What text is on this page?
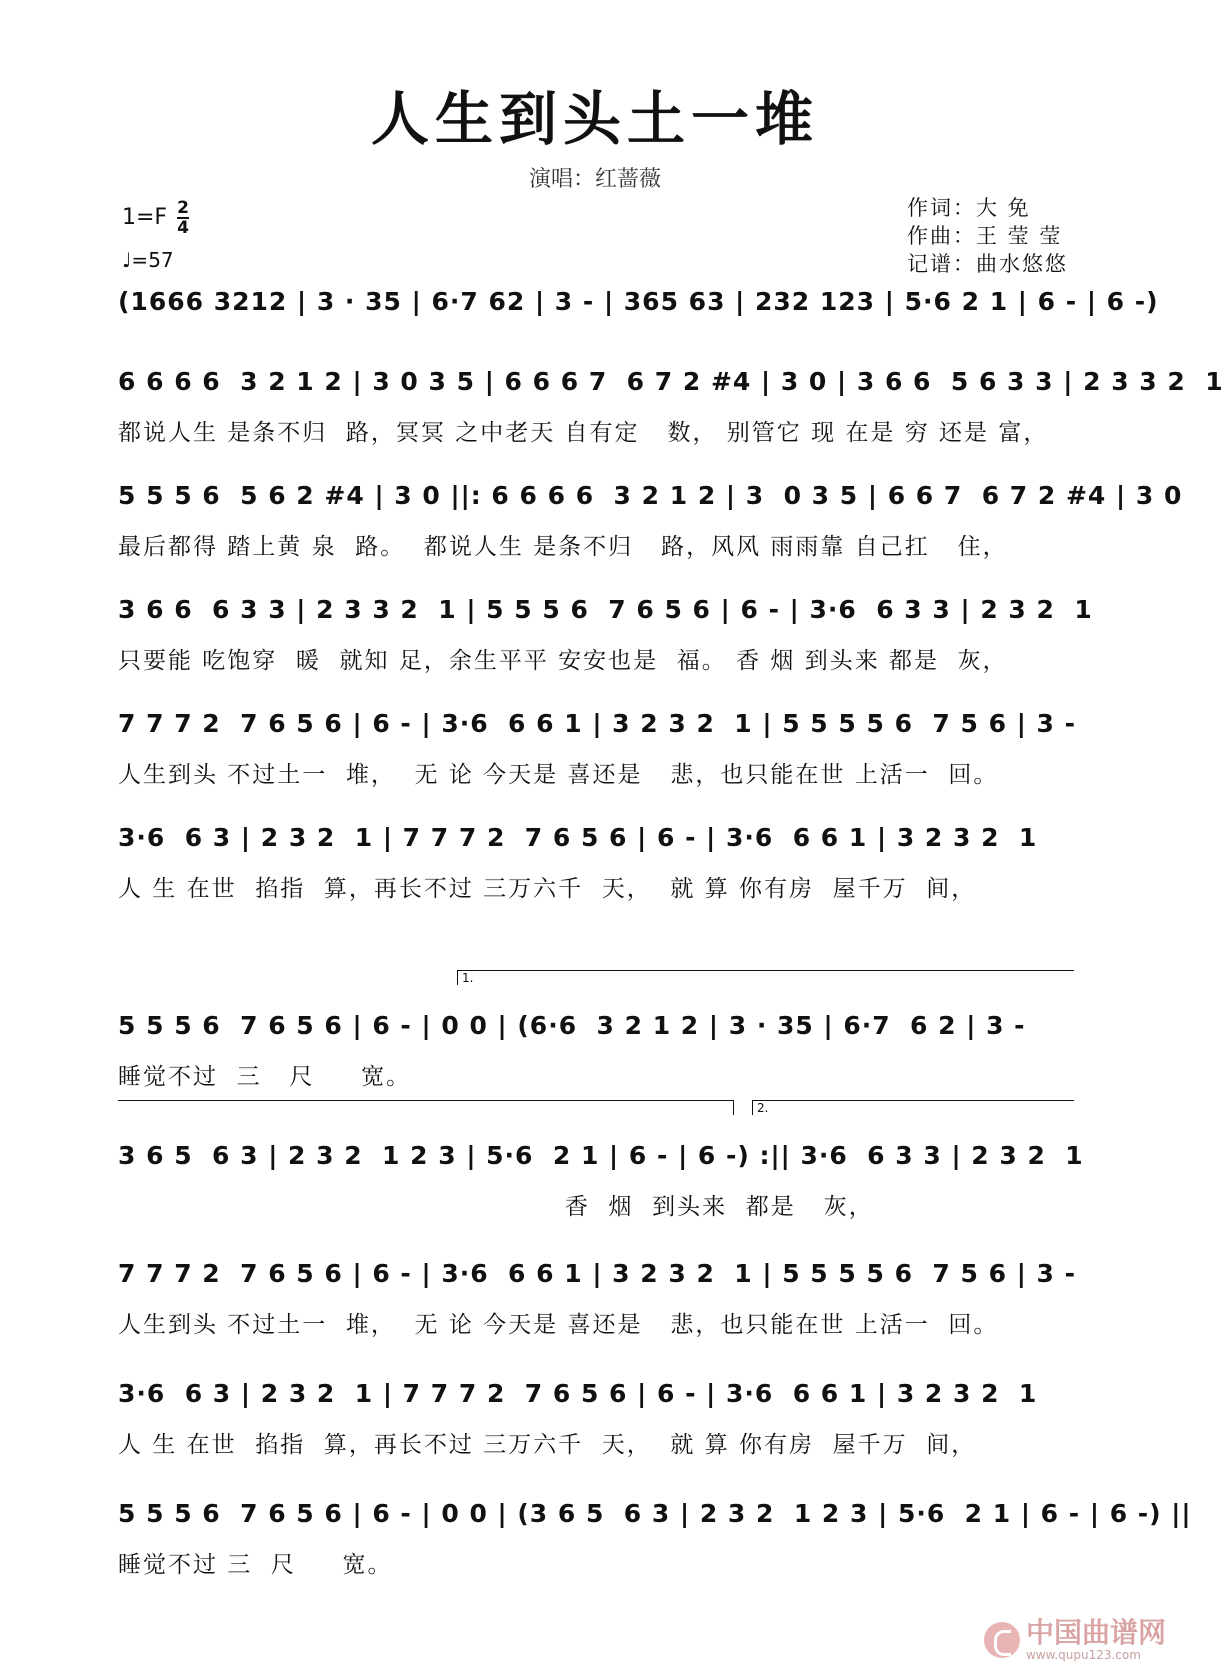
人生到头土一堆
演唱：红蔷薇
1=F 2
4
♩=57
作词：大 免
作曲：王 莹 莹
记谱：曲水悠悠
(1666 3212 | 3 · 35 | 6·7 62 | 3 - | 365 63 | 232 123 | 5·6 2 1 | 6 - | 6 -)
6 6 6 6  3 2 1 2 | 3 0 3 5 | 6 6 6 7  6 7 2 #4 | 3 0 | 3 6 6  5 6 3 3 | 2 3 3 2  1
都说人生 是条不归  路，冥冥 之中老天 自有定   数， 别管它 现 在是 穷 还是 富，
5 5 5 6  5 6 2 #4 | 3 0 ||: 6 6 6 6  3 2 1 2 | 3  0 3 5 | 6 6 7  6 7 2 #4 | 3 0
最后都得 踏上黄 泉  路。  都说人生 是条不归   路，风风 雨雨靠 自己扛   住，
3 6 6  6 3 3 | 2 3 3 2  1 | 5 5 5 6  7 6 5 6 | 6 - | 3·6  6 3 3 | 2 3 2  1
只要能 吃饱穿  暖  就知 足，余生平平 安安也是  福。 香 烟 到头来 都是  灰，
7 7 7 2  7 6 5 6 | 6 - | 3·6  6 6 1 | 3 2 3 2  1 | 5 5 5 5 6  7 5 6 | 3 -
人生到头 不过土一  堆，  无 论 今天是 喜还是   悲，也只能在世 上活一  回。
3·6  6 3 | 2 3 2  1 | 7 7 7 2  7 6 5 6 | 6 - | 3·6  6 6 1 | 3 2 3 2  1
人 生 在世  掐指  算，再长不过 三万六千  天，  就 算 你有房  屋千万  间，
1.
5 5 5 6  7 6 5 6 | 6 - | 0 0 | (6·6  3 2 1 2 | 3 · 35 | 6·7  6 2 | 3 -
睡觉不过  三   尺     宽。
2.
3 6 5  6 3 | 2 3 2  1 2 3 | 5·6  2 1 | 6 - | 6 -) :|| 3·6  6 3 3 | 2 3 2  1
香  烟  到头来  都是   灰，
7 7 7 2  7 6 5 6 | 6 - | 3·6  6 6 1 | 3 2 3 2  1 | 5 5 5 5 6  7 5 6 | 3 -
人生到头 不过土一  堆，  无 论 今天是 喜还是   悲，也只能在世 上活一  回。
3·6  6 3 | 2 3 2  1 | 7 7 7 2  7 6 5 6 | 6 - | 3·6  6 6 1 | 3 2 3 2  1
人 生 在世  掐指  算，再长不过 三万六千  天，  就 算 你有房  屋千万  间，
5 5 5 6  7 6 5 6 | 6 - | 0 0 | (3 6 5  6 3 | 2 3 2  1 2 3 | 5·6  2 1 | 6 - | 6 -) ||
睡觉不过 三  尺     宽。
中国曲谱网
www.qupu123.com
